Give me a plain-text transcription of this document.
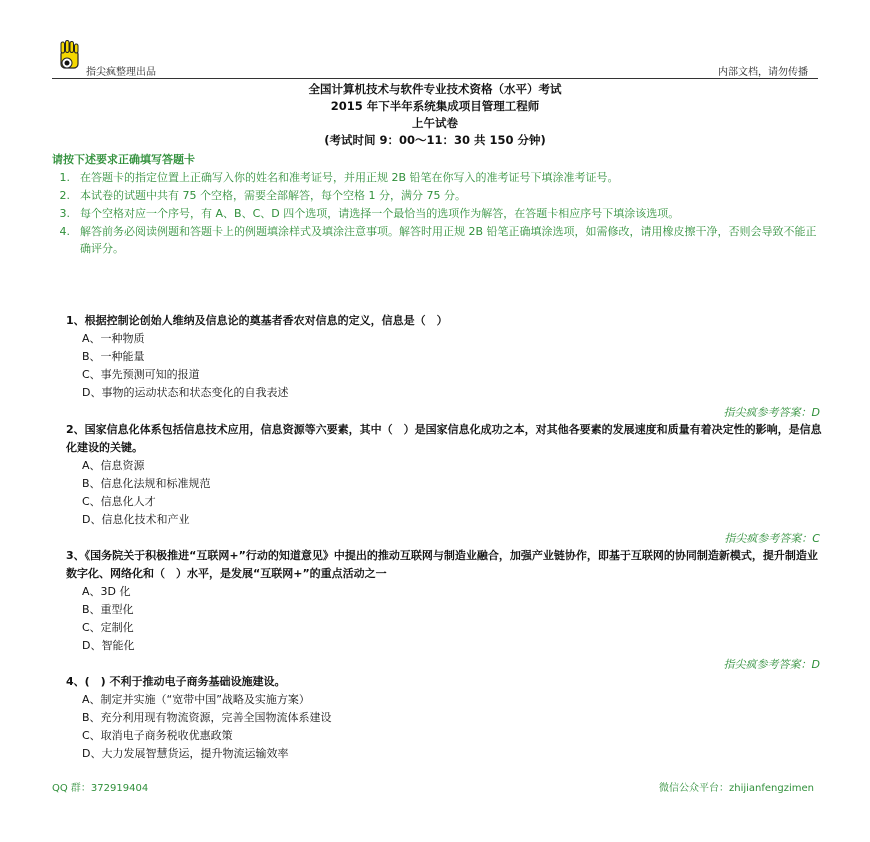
指尖疯整理出品	内部文档，请勿传播
全国计算机技术与软件专业技术资格（水平）考试
2015 年下半年系统集成项目管理工程师
上午试卷
(考试时间 9：00～11：30 共 150 分钟)
请按下述要求正确填写答题卡
1. 在答题卡的指定位置上正确写入你的姓名和准考证号，并用正规 2B 铅笔在你写入的准考证号下填涂准考证号。
2. 本试卷的试题中共有 75 个空格，需要全部解答，每个空格 1 分，满分 75 分。
3. 每个空格对应一个序号，有 A、B、C、D 四个选项，请选择一个最恰当的选项作为解答，在答题卡相应序号下填涂该选项。
4. 解答前务必阅读例题和答题卡上的例题填涂样式及填涂注意事项。解答时用正规 2B 铅笔正确填涂选项，如需修改，请用橡皮擦干净，否则会导致不能正确评分。
1、根据控制论创始人维纳及信息论的奠基者香农对信息的定义，信息是（　）
A、一种物质
B、一种能量
C、事先预测可知的报道
D、事物的运动状态和状态变化的自我表述
指尖疯参考答案：D
2、国家信息化体系包括信息技术应用，信息资源等六要素，其中（　）是国家信息化成功之本，对其他各要素的发展速度和质量有着决定性的影响，是信息化建设的关键。
A、信息资源
B、信息化法规和标准规范
C、信息化人才
D、信息化技术和产业
指尖疯参考答案：C
3、《国务院关于积极推进“互联网+”行动的知道意见》中提出的推动互联网与制造业融合，加强产业链协作，即基于互联网的协同制造新模式，提升制造业数字化、网络化和（　）水平，是发展“互联网+”的重点活动之一
A、3D 化
B、重型化
C、定制化
D、智能化
指尖疯参考答案：D
4、(　) 不利于推动电子商务基础设施建设。
A、制定并实施（“宽带中国”战略及实施方案）
B、充分利用现有物流资源，完善全国物流体系建设
C、取消电子商务税收优惠政策
D、大力发展智慧货运，提升物流运输效率
QQ 群：372919404	微信公众平台：zhijianfengzimen
